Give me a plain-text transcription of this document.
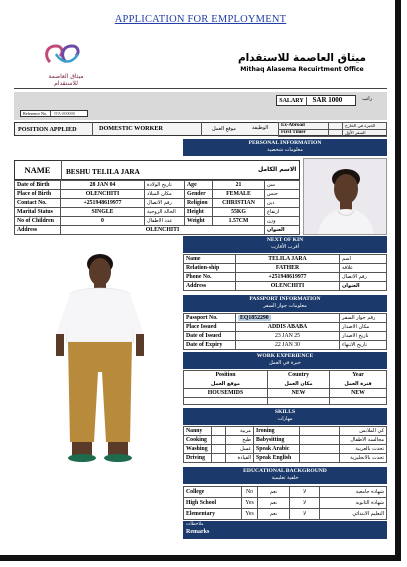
APPLICATION FOR EMPLOYMENT
ميثاق العاصمة للاستقدام
ميثاق العاصمة للاستقدام
Mithaq Alasema Recuirtment Office
Reference No. ITA-000000
SALARY SAR 1000	راتب
POSITION APPLIED	DOMESTIC WORKER	موقع العمل	الوظيفة	Ex-Abroad		الخبرة في الخارج
First Timer		السفر الأول
PERSONAL INFORMATION
معلومات شخصية
NAME	BESHU TELILA JARA	الاسم الكامل
Date of Birth	28 JAN 04	تاريخ الولادة	Age	21	سن
Place of Birth	OLENCHITI	مكان الميلاد	Gender	FEMALE	جنس
Contact No.	+251948619977	رقم الاتصال	Religion	CHRISTIAN	دين
Marital Status	SINGLE	الحالة الزوجية	Height	55KG	ارتفاع
No of Children	0	عدد الاطفال	Weight	1.57CM	وزن
Address	OLENCHITI				العنوان
NEXT OF KIN
أقرب الأقارب
Name	TELILA JARA	اسم
Relation-ship	FATHER	علاقة
Phone No.	+251948619977	رقم الاتصال
Address	OLENCHITI	العنوان
PASSPORT INFORMATION
معلومات جواز السفر
Passport No.	EQ1852290	رقم جواز السفر
Place Issued	ADDIS ABABA	مكان الاصدار
Date of Issued	23 JAN 25	تاريخ الاصدار
Date of Expiry	22 JAN 30	تاريخ الانتهاء
WORK EXPERIENCE
خبرة في العمل
Position	Country	Year
موقع العمل	مكان العمل	فترة العمل
HOUSEMIDS	NEW	NEW

SKILLS
مهارات
Nanny		مربية	Ironing		كي الملابس
Cooking		طبخ	Babysitting		مجالسة الاطفال
Washing		غسل	Speak Arabic		تحدث بالعربية
Driving		القيادة	Speak English		تحدث بالانجليزية
EDUCATIONAL BACKGROUND
خلفية تعليمية
College	No	نعم	لا	شهادة جامعية
High School	Yes	نعم	لا	شهادة الثانوية
Elementary	Yes	نعم	لا	التعليم الابتدائي
ملاحظات
Remarks
